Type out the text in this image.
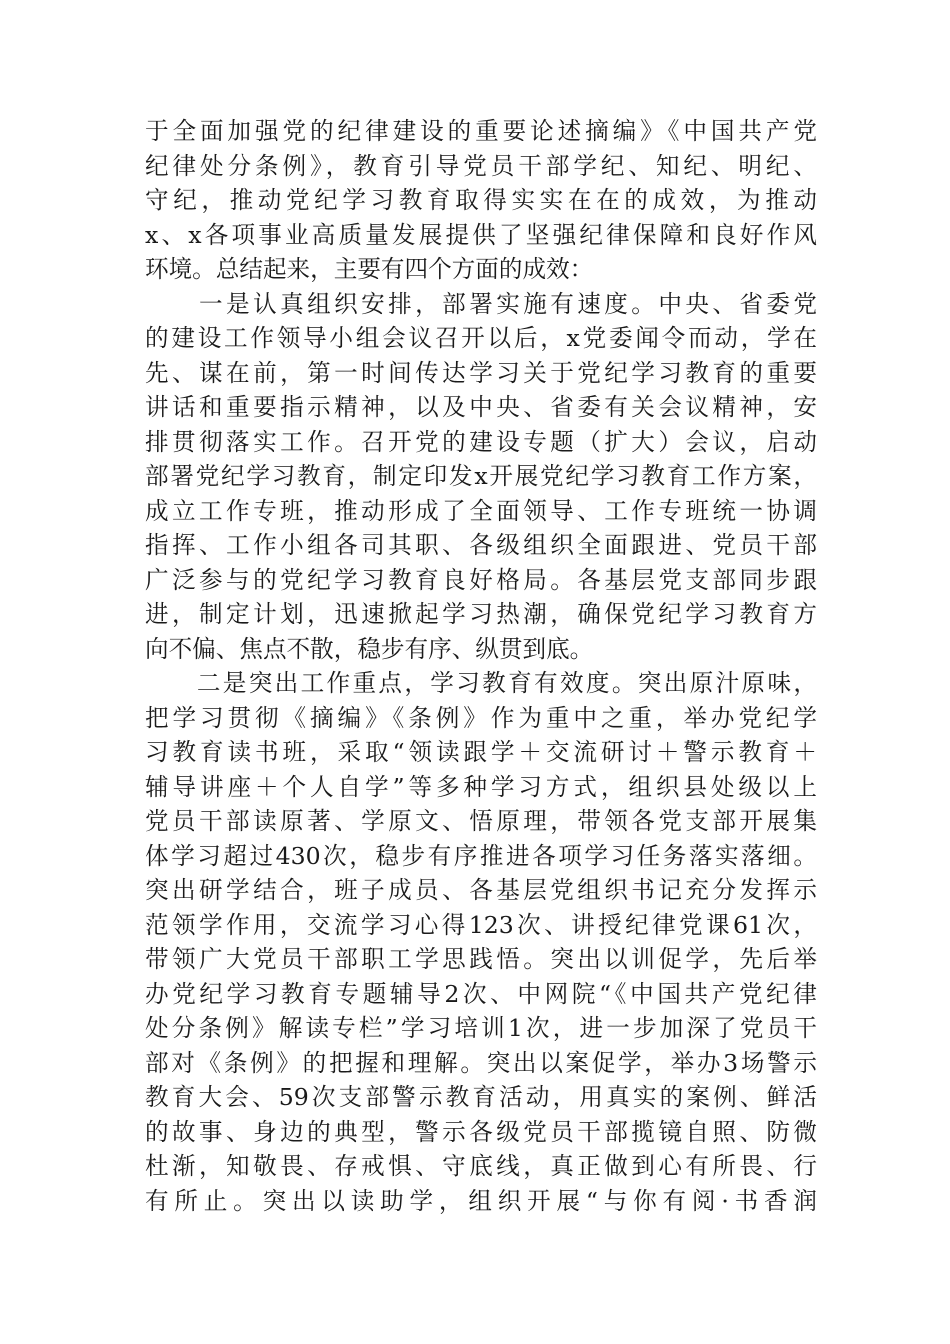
于全面加强党的纪律建设的重要论述摘编》《中国共产党
纪律处分条例》，教育引导党员干部学纪、知纪、明纪、
守纪，推动党纪学习教育取得实实在在的成效，为推动
x、x各项事业高质量发展提供了坚强纪律保障和良好作风
环境。总结起来，主要有四个方面的成效：
　　一是认真组织安排，部署实施有速度。中央、省委党
的建设工作领导小组会议召开以后，x党委闻令而动，学在
先、谋在前，第一时间传达学习关于党纪学习教育的重要
讲话和重要指示精神，以及中央、省委有关会议精神，安
排贯彻落实工作。召开党的建设专题（扩大）会议，启动
部署党纪学习教育，制定印发x开展党纪学习教育工作方案，
成立工作专班，推动形成了全面领导、工作专班统一协调
指挥、工作小组各司其职、各级组织全面跟进、党员干部
广泛参与的党纪学习教育良好格局。各基层党支部同步跟
进，制定计划，迅速掀起学习热潮，确保党纪学习教育方
向不偏、焦点不散，稳步有序、纵贯到底。
　　二是突出工作重点，学习教育有效度。突出原汁原味，
把学习贯彻《摘编》《条例》作为重中之重，举办党纪学
习教育读书班，采取“领读跟学＋交流研讨＋警示教育＋
辅导讲座＋个人自学”等多种学习方式，组织县处级以上
党员干部读原著、学原文、悟原理，带领各党支部开展集
体学习超过430次，稳步有序推进各项学习任务落实落细。
突出研学结合，班子成员、各基层党组织书记充分发挥示
范领学作用，交流学习心得123次、讲授纪律党课61次，
带领广大党员干部职工学思践悟。突出以训促学，先后举
办党纪学习教育专题辅导2次、中网院“《中国共产党纪律
处分条例》解读专栏”学习培训1次，进一步加深了党员干
部对《条例》的把握和理解。突出以案促学，举办3场警示
教育大会、59次支部警示教育活动，用真实的案例、鲜活
的故事、身边的典型，警示各级党员干部揽镜自照、防微
杜渐，知敬畏、存戒惧、守底线，真正做到心有所畏、行
有所止。突出以读助学，组织开展“与你有阅·书香润
